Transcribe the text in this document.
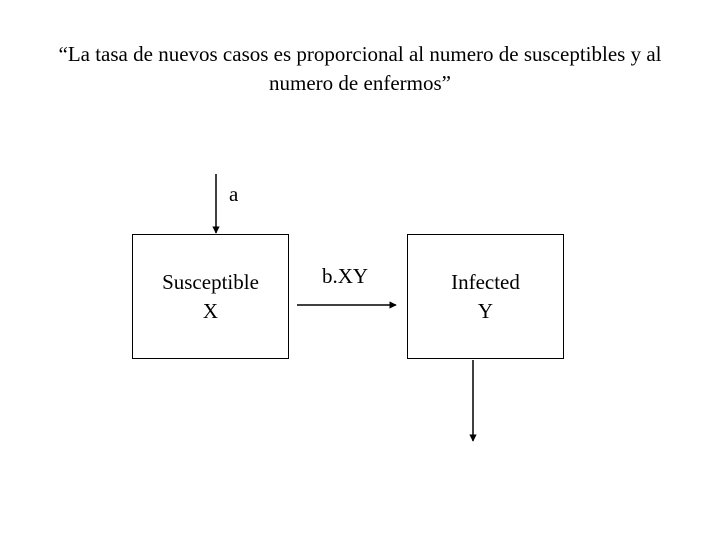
“La tasa de nuevos casos es proporcional al numero de susceptibles y al
numero de enfermos”
a
b.XY
Susceptible
X
Infected
Y
